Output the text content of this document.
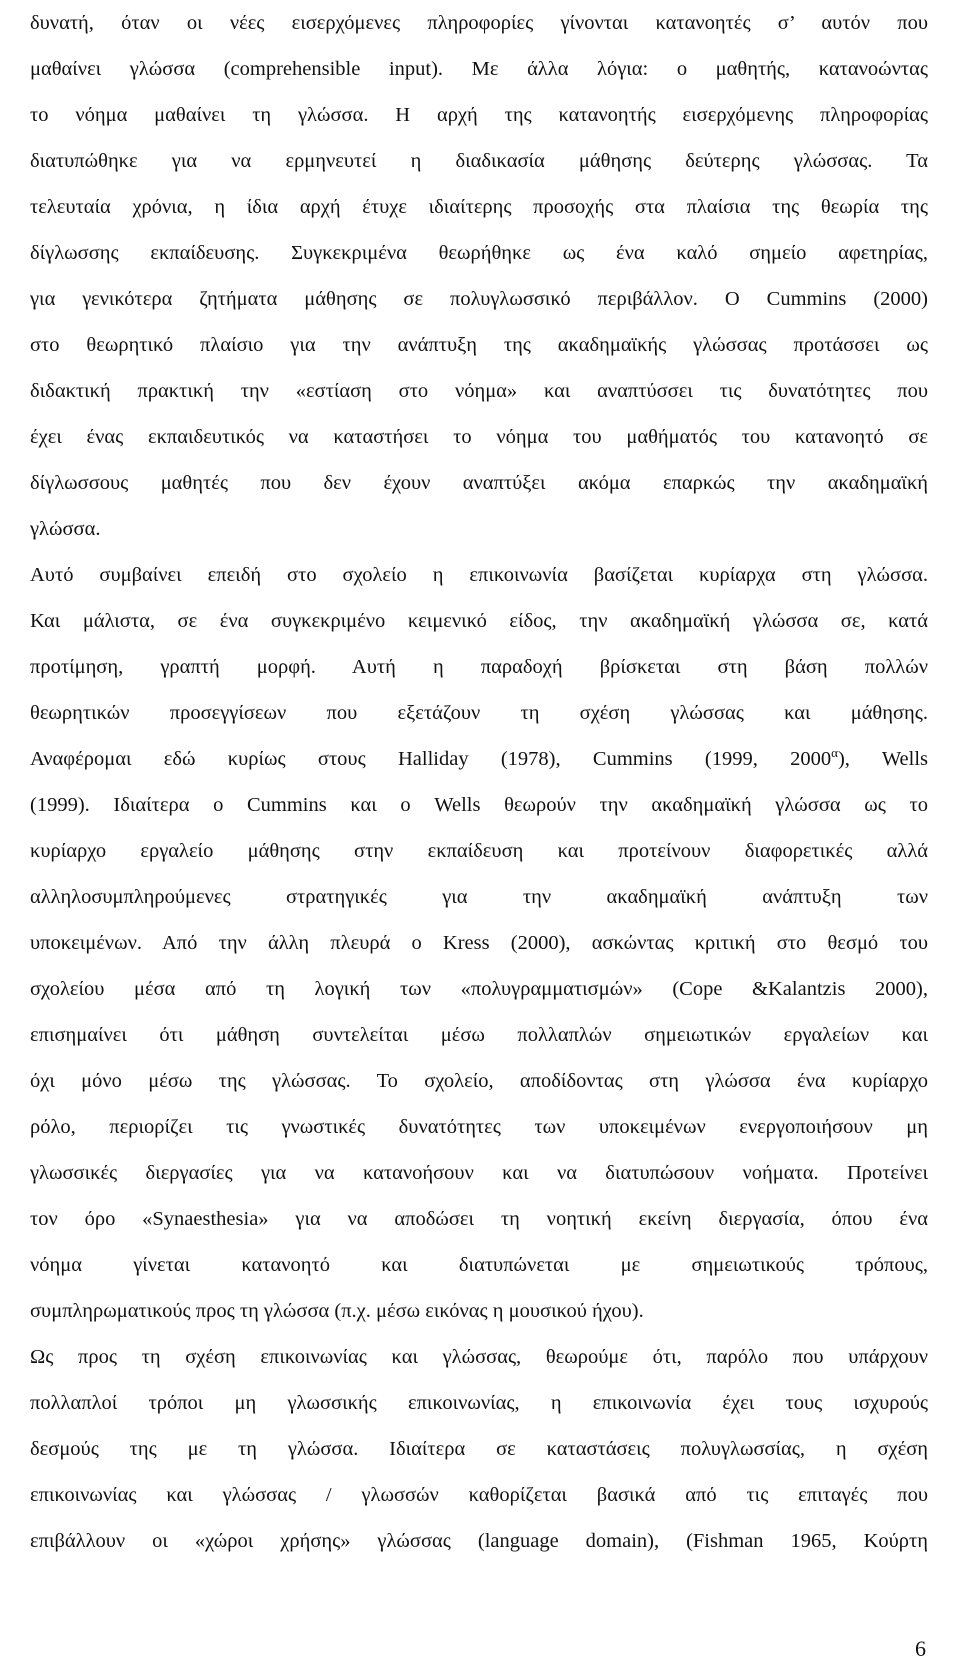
δυνατή, όταν οι νέες εισερχόμενες πληροφορίες γίνονται κατανοητές σ’ αυτόν που
μαθαίνει γλώσσα (comprehensible input). Με άλλα λόγια: ο μαθητής, κατανοώντας
το νόημα μαθαίνει τη γλώσσα. Η αρχή της κατανοητής εισερχόμενης πληροφορίας
διατυπώθηκε για να ερμηνευτεί η διαδικασία μάθησης δεύτερης γλώσσας. Τα
τελευταία χρόνια, η ίδια αρχή έτυχε ιδιαίτερης προσοχής στα πλαίσια της θεωρία της
δίγλωσσης εκπαίδευσης. Συγκεκριμένα θεωρήθηκε ως ένα καλό σημείο αφετηρίας,
για γενικότερα ζητήματα μάθησης σε πολυγλωσσικό περιβάλλον. Ο Cummins (2000)
στο θεωρητικό πλαίσιο για την ανάπτυξη της ακαδημαϊκής γλώσσας προτάσσει ως
διδακτική πρακτική την «εστίαση στο νόημα» και αναπτύσσει τις δυνατότητες που
έχει ένας εκπαιδευτικός να καταστήσει το νόημα του μαθήματός του κατανοητό σε
δίγλωσσους μαθητές που δεν έχουν αναπτύξει ακόμα επαρκώς την ακαδημαϊκή
γλώσσα.
Αυτό συμβαίνει επειδή στο σχολείο η επικοινωνία βασίζεται κυρίαρχα στη γλώσσα.
Και μάλιστα, σε ένα συγκεκριμένο κειμενικό είδος, την ακαδημαϊκή γλώσσα σε, κατά
προτίμηση, γραπτή μορφή. Αυτή η παραδοχή βρίσκεται στη βάση πολλών
θεωρητικών προσεγγίσεων που εξετάζουν τη σχέση γλώσσας και μάθησης.
Αναφέρομαι εδώ κυρίως στους Halliday (1978), Cummins (1999, $2000^\alpha$), Wells
(1999). Ιδιαίτερα ο Cummins και ο Wells θεωρούν την ακαδημαϊκή γλώσσα ως το
κυρίαρχο εργαλείο μάθησης στην εκπαίδευση και προτείνουν διαφορετικές αλλά
αλληλοσυμπληρούμενες στρατηγικές για την ακαδημαϊκή ανάπτυξη των
υποκειμένων. Από την άλλη πλευρά ο Kress (2000), ασκώντας κριτική στο θεσμό του
σχολείου μέσα από τη λογική των «πολυγραμματισμών» (Cope &Kalantzis 2000),
επισημαίνει ότι μάθηση συντελείται μέσω πολλαπλών σημειωτικών εργαλείων και
όχι μόνο μέσω της γλώσσας. Το σχολείο, αποδίδοντας στη γλώσσα ένα κυρίαρχο
ρόλο, περιορίζει τις γνωστικές δυνατότητες των υποκειμένων ενεργοποιήσουν μη
γλωσσικές διεργασίες για να κατανοήσουν και να διατυπώσουν νοήματα. Προτείνει
τον όρο «Synaesthesia» για να αποδώσει τη νοητική εκείνη διεργασία, όπου ένα
νόημα γίνεται κατανοητό και διατυπώνεται με σημειωτικούς τρόπους,
συμπληρωματικούς προς τη γλώσσα (π.χ. μέσω εικόνας η μουσικού ήχου).
Ως προς τη σχέση επικοινωνίας και γλώσσας, θεωρούμε ότι, παρόλο που υπάρχουν
πολλαπλοί τρόποι μη γλωσσικής επικοινωνίας, η επικοινωνία έχει τους ισχυρούς
δεσμούς της με τη γλώσσα. Ιδιαίτερα σε καταστάσεις πολυγλωσσίας, η σχέση
επικοινωνίας και γλώσσας / γλωσσών καθορίζεται βασικά από τις επιταγές που
επιβάλλουν οι «χώροι χρήσης» γλώσσας (language domain), (Fishman 1965, Κούρτη
6
